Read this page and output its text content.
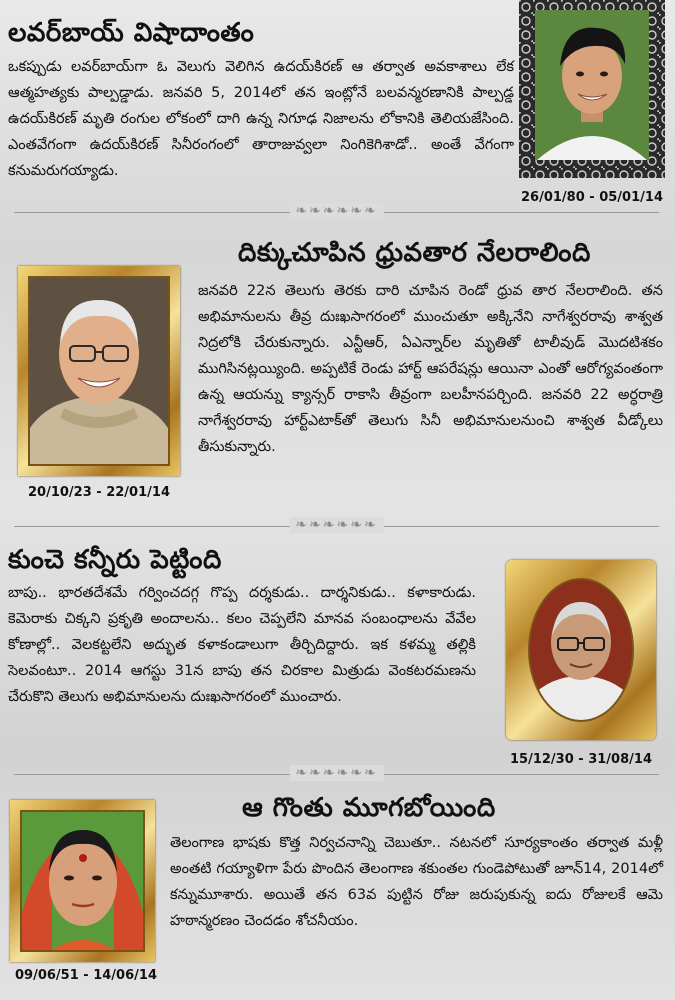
లవర్‌బాయ్ విషాదాంతం
ఒకప్పుడు లవర్‌బాయ్‌గా ఓ వెలుగు వెలిగిన ఉదయ్‌కిరణ్ ఆ తర్వాత అవకాశాలు లేక ఆత్మహత్యకు పాల్పడ్డాడు. జనవరి 5, 2014లో తన ఇంట్లోనే బలవన్మరణానికి పాల్పడ్డ ఉదయ్‌కిరణ్ మృతి రంగుల లోకంలో దాగి ఉన్న నిగూఢ నిజాలను లోకానికి తెలియజేసింది. ఎంతవేగంగా ఉదయ్‌కిరణ్ సినీరంగంలో తారాజువ్వలా నింగికెగిశాడో.. అంతే వేగంగా కనుమరుగయ్యాడు.
26/01/80 - 05/01/14
❧❧❧❧❧❧
దిక్కుచూపిన ధ్రువతార నేలరాలింది
జనవరి 22న తెలుగు తెరకు దారి చూపిన రెండో ధ్రువ తార నేలరాలింది. తన అభిమానులను తీవ్ర దుఃఖసాగరంలో ముంచుతూ అక్కినేని నాగేశ్వరరావు శాశ్వత నిద్రలోకి చేరుకున్నారు. ఎన్టీఆర్, ఏఎన్నార్‌ల మృతితో టాలీవుడ్ మొదటిశకం ముగిసినట్లయ్యింది. అప్పటికే రెండు హార్ట్ ఆపరేషన్లు ఆయినా ఎంతో ఆరోగ్యవంతంగా ఉన్న ఆయన్ను క్యాన్సర్ రాకాసి తీవ్రంగా బలహీనపర్చింది. జనవరి 22 అర్ధరాత్రి నాగేశ్వరరావు హార్ట్‌ఎటాక్‌తో తెలుగు సినీ అభిమానులనుంచి శాశ్వత వీడ్కోలు తీసుకున్నారు.
20/10/23 - 22/01/14
❧❧❧❧❧❧
కుంచె కన్నీరు పెట్టింది
బాపు.. భారతదేశమే గర్వించదగ్గ గొప్ప దర్శకుడు.. దార్శనికుడు.. కళాకారుడు. కెమెరాకు చిక్కని ప్రకృతి అందాలను.. కలం చెప్పలేని మానవ సంబంధాలను వేవేల కోణాల్లో.. వెలకట్టలేని అద్భుత కళాకండాలుగా తీర్చిదిద్దారు. ఇక కళమ్మ తల్లికి సెలవంటూ.. 2014 ఆగస్టు 31న బాపు తన చిరకాల మిత్రుడు వెంకటరమణను చేరుకొని తెలుగు అభిమానులను దుఃఖసాగరంలో ముంచారు.
15/12/30 - 31/08/14
❧❧❧❧❧❧
ఆ గొంతు మూగబోయింది
తెలంగాణ భాషకు కొత్త నిర్వచనాన్ని చెబుతూ.. నటనలో సూర్యకాంతం తర్వాత మళ్లీ అంతటి గయ్యాళిగా పేరు పొందిన తెలంగాణ శకుంతల గుండెపోటుతో జూన్14, 2014లో కన్నుమూశారు. అయితే తన 63వ పుట్టిన రోజు జరుపుకున్న ఐదు రోజులకే ఆమె హఠాన్మరణం చెందడం శోచనీయం.
09/06/51 - 14/06/14
